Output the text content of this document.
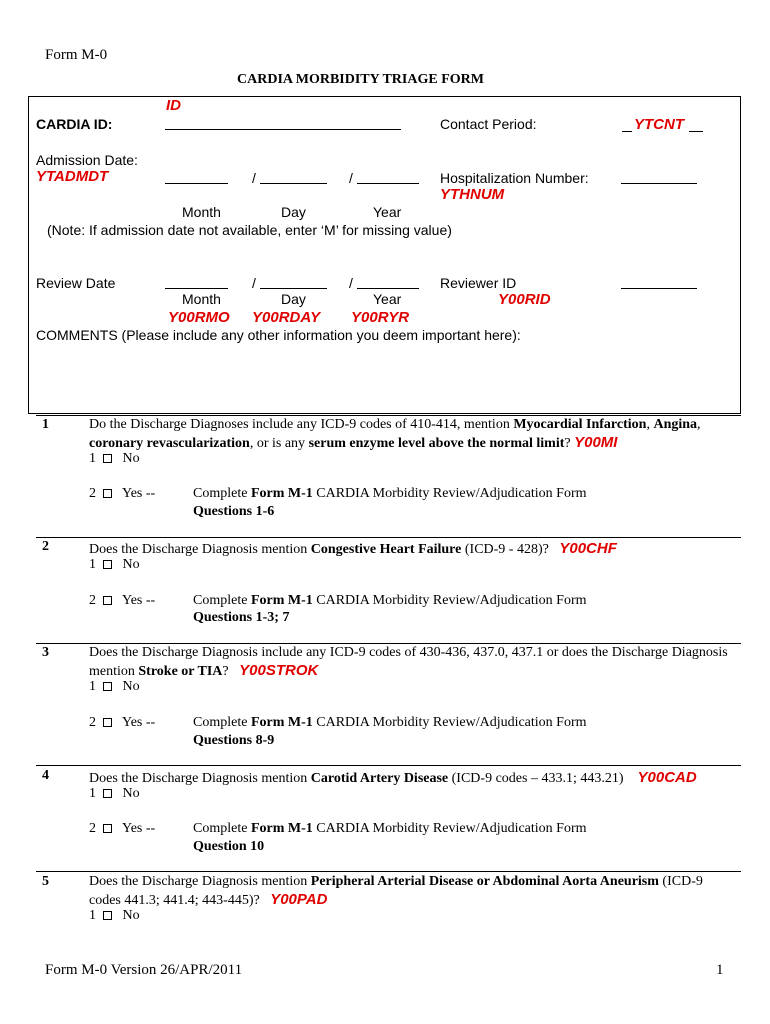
Form M-0
CARDIA MORBIDITY TRIAGE FORM
ID
CARDIA ID:	Contact Period:	YTCNT
Admission Date:
YTADMDT	/	/	Hospitalization Number:
YTHNUM
Month	Day	Year
(Note: If admission date not available, enter ‘M’ for missing value)
Review Date	/	/	Reviewer ID
Month	Day	Year	Y00RID
Y00RMO Y00RDAY Y00RYR
COMMENTS (Please include any other information you deem important here):
1	Do the Discharge Diagnoses include any ICD-9 codes of 410-414, mention Myocardial Infarction, Angina,
coronary revascularization, or is any serum enzyme level above the normal limit? Y00MI
1 No
2 Yes --	Complete Form M-1 CARDIA Morbidity Review/Adjudication Form
Questions 1-6
2	Does the Discharge Diagnosis mention Congestive Heart Failure (ICD-9 - 428)? Y00CHF
1 No
2 Yes --	Complete Form M-1 CARDIA Morbidity Review/Adjudication Form
Questions 1-3; 7
3	Does the Discharge Diagnosis include any ICD-9 codes of 430-436, 437.0, 437.1 or does the Discharge Diagnosis
mention Stroke or TIA? Y00STROK
1 No
2 Yes --	Complete Form M-1 CARDIA Morbidity Review/Adjudication Form
Questions 8-9
4	Does the Discharge Diagnosis mention Carotid Artery Disease (ICD-9 codes – 433.1; 443.21) Y00CAD
1 No
2 Yes --	Complete Form M-1 CARDIA Morbidity Review/Adjudication Form
Question 10
5	Does the Discharge Diagnosis mention Peripheral Arterial Disease or Abdominal Aorta Aneurism (ICD-9
codes 441.3; 441.4; 443-445)? Y00PAD
1 No
Form M-0 Version 26/APR/2011	1
